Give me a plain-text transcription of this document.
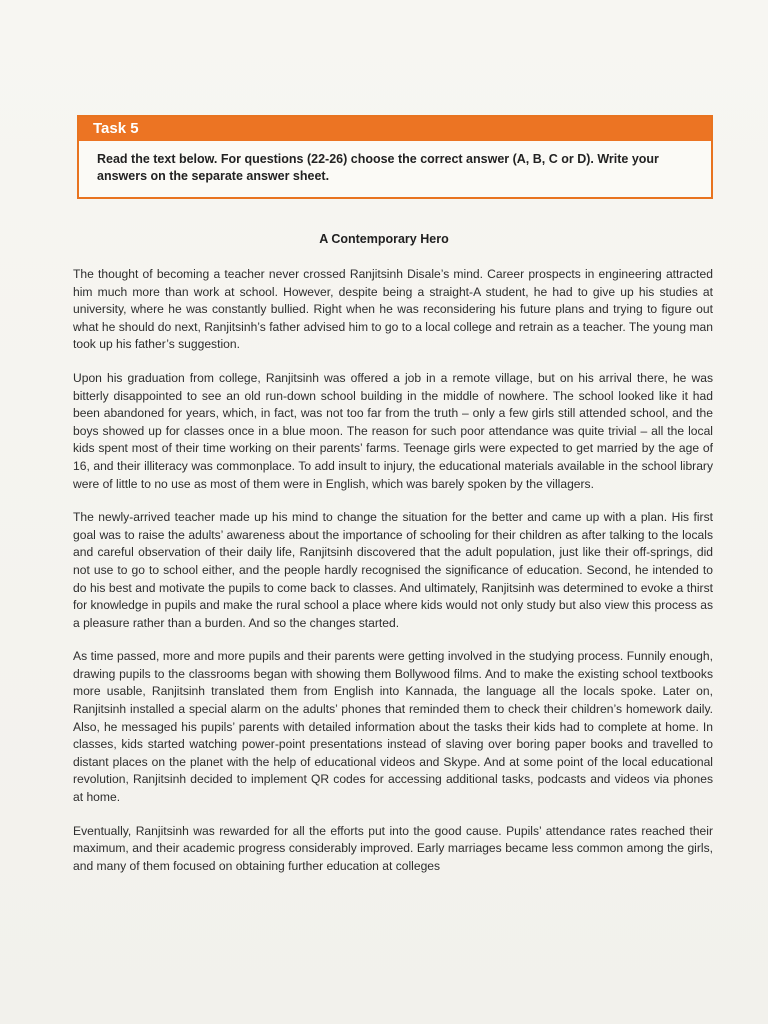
Task 5
Read the text below. For questions (22-26) choose the correct answer (A, B, C or D). Write your answers on the separate answer sheet.
A Contemporary Hero

The thought of becoming a teacher never crossed Ranjitsinh Disale’s mind. Career prospects in engineering attracted him much more than work at school. However, despite being a straight-A student, he had to give up his studies at university, where he was constantly bullied. Right when he was reconsidering his future plans and trying to figure out what he should do next, Ranjitsinh’s father advised him to go to a local college and retrain as a teacher. The young man took up his father’s suggestion.

Upon his graduation from college, Ranjitsinh was offered a job in a remote village, but on his arrival there, he was bitterly disappointed to see an old run-down school building in the middle of nowhere. The school looked like it had been abandoned for years, which, in fact, was not too far from the truth – only a few girls still attended school, and the boys showed up for classes once in a blue moon. The reason for such poor attendance was quite trivial – all the local kids spent most of their time working on their parents’ farms. Teenage girls were expected to get married by the age of 16, and their illiteracy was commonplace. To add insult to injury, the educational materials available in the school library were of little to no use as most of them were in English, which was barely spoken by the villagers.

The newly-arrived teacher made up his mind to change the situation for the better and came up with a plan. His first goal was to raise the adults’ awareness about the importance of schooling for their children as after talking to the locals and careful observation of their daily life, Ranjitsinh discovered that the adult population, just like their off-springs, did not use to go to school either, and the people hardly recognised the significance of education. Second, he intended to do his best and motivate the pupils to come back to classes. And ultimately, Ranjitsinh was determined to evoke a thirst for knowledge in pupils and make the rural school a place where kids would not only study but also view this process as a pleasure rather than a burden. And so the changes started.

As time passed, more and more pupils and their parents were getting involved in the studying process. Funnily enough, drawing pupils to the classrooms began with showing them Bollywood films. And to make the existing school textbooks more usable, Ranjitsinh translated them from English into Kannada, the language all the locals spoke. Later on, Ranjitsinh installed a special alarm on the adults’ phones that reminded them to check their children’s homework daily. Also, he messaged his pupils’ parents with detailed information about the tasks their kids had to complete at home. In classes, kids started watching power-point presentations instead of slaving over boring paper books and travelled to distant places on the planet with the help of educational videos and Skype. And at some point of the local educational revolution, Ranjitsinh decided to implement QR codes for accessing additional tasks, podcasts and videos via phones at home.

Eventually, Ranjitsinh was rewarded for all the efforts put into the good cause. Pupils’ attendance rates reached their maximum, and their academic progress considerably improved. Early marriages became less common among the girls, and many of them focused on obtaining further education at colleges
